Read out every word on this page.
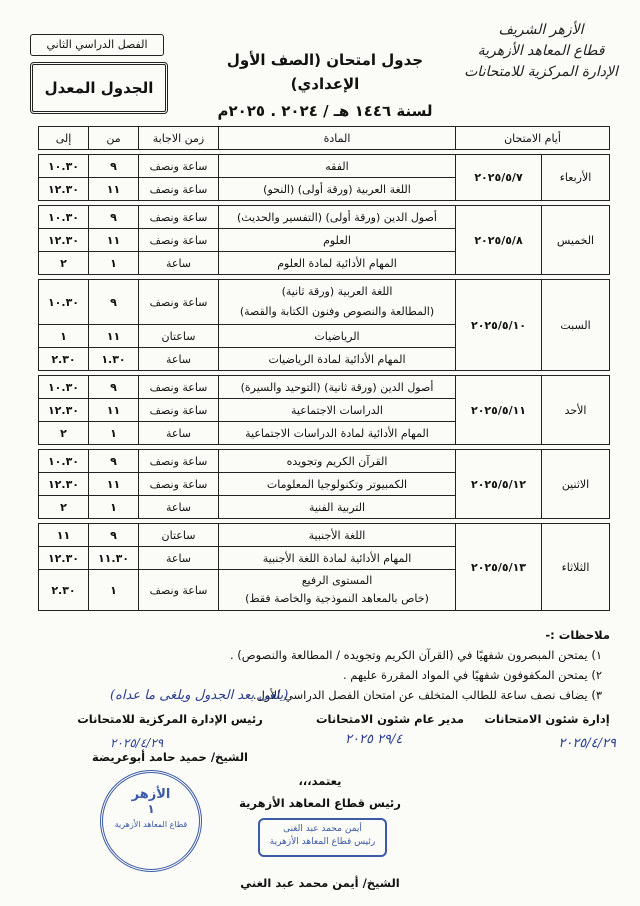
الأزهر الشريف
قطاع المعاهد الأزهرية
الإدارة المركزية للامتحانات
جدول امتحان (الصف الأول الإعدادي)
لسنة ١٤٤٦ هـ / ٢٠٢٤ . ٢٠٢٥م
الفصل الدراسي الثاني
الجدول المعدل
أيام الامتحان		المادة	زمن الاجابة	من	إلى

الأربعاء	٢٠٢٥/٥/٧	الفقه	ساعة ونصف	٩	١٠.٣٠
		اللغة العربية (ورقة أولى) (النحو)	ساعة ونصف	١١	١٢.٣٠

الخميس	٢٠٢٥/٥/٨	أصول الدين (ورقة أولى) (التفسير والحديث)	ساعة ونصف	٩	١٠.٣٠
		العلوم	ساعة ونصف	١١	١٢.٣٠
		المهام الأدائية لمادة العلوم	ساعة	١	٢

السبت	٢٠٢٥/٥/١٠	اللغة العربية (ورقة ثانية)
(المطالعة والنصوص وفنون الكتابة والقصة)	ساعة ونصف	٩	١٠.٣٠
		الرياضيات	ساعتان	١١	١
		المهام الأدائية لمادة الرياضيات	ساعة	١.٣٠	٢.٣٠

الأحد	٢٠٢٥/٥/١١	أصول الدين (ورقة ثانية) (التوحيد والسيرة)	ساعة ونصف	٩	١٠.٣٠
		الدراسات الاجتماعية	ساعة ونصف	١١	١٢.٣٠
		المهام الأدائية لمادة الدراسات الاجتماعية	ساعة	١	٢

الاثنين	٢٠٢٥/٥/١٢	القرآن الكريم وتجويده	ساعة ونصف	٩	١٠.٣٠
		الكمبيوتر وتكنولوجيا المعلومات	ساعة ونصف	١١	١٢.٣٠
		التربية الفنية	ساعة	١	٢

الثلاثاء	٢٠٢٥/٥/١٣	اللغة الأجنبية	ساعتان	٩	١١
		المهام الأدائية لمادة اللغة الأجنبية	ساعة	١١.٣٠	١٢.٣٠

		المستوى الرفيع
(خاص بالمعاهد النموذجية والخاصة فقط)	ساعة ونصف	١	٢.٣٠
ملاحظات :-
١) يمتحن المبصرون شفهيًا في (القرآن الكريم وتجويده / المطالعة والنصوص) .
٢) يمتحن المكفوفون شفهيًا في المواد المقررة عليهم .
٣) يضاف نصف ساعة للطالب المتخلف عن امتحان الفصل الدراسي الأول.
(يلغى بعد الجدول ويلغى ما عداه)
إدارة شئون الامتحانات
مدير عام شئون الامتحانات
رئيس الإدارة المركزية للامتحانات
الشيخ/ حميد حامد أبوعريضة
٢٠٢٥/٤/٢٩
٢٩/٤ ٢٠٢٥
٢٠٢٥/٤/٢٩
يعتمد،،،
رئيس قطاع المعاهد الأزهرية
الشيخ/ أيمن محمد عبد الغني
أيمن محمد عبد الغنى
رئيس قطاع المعاهد الأزهرية
الأزهر
١
قطاع المعاهد الأزهرية
